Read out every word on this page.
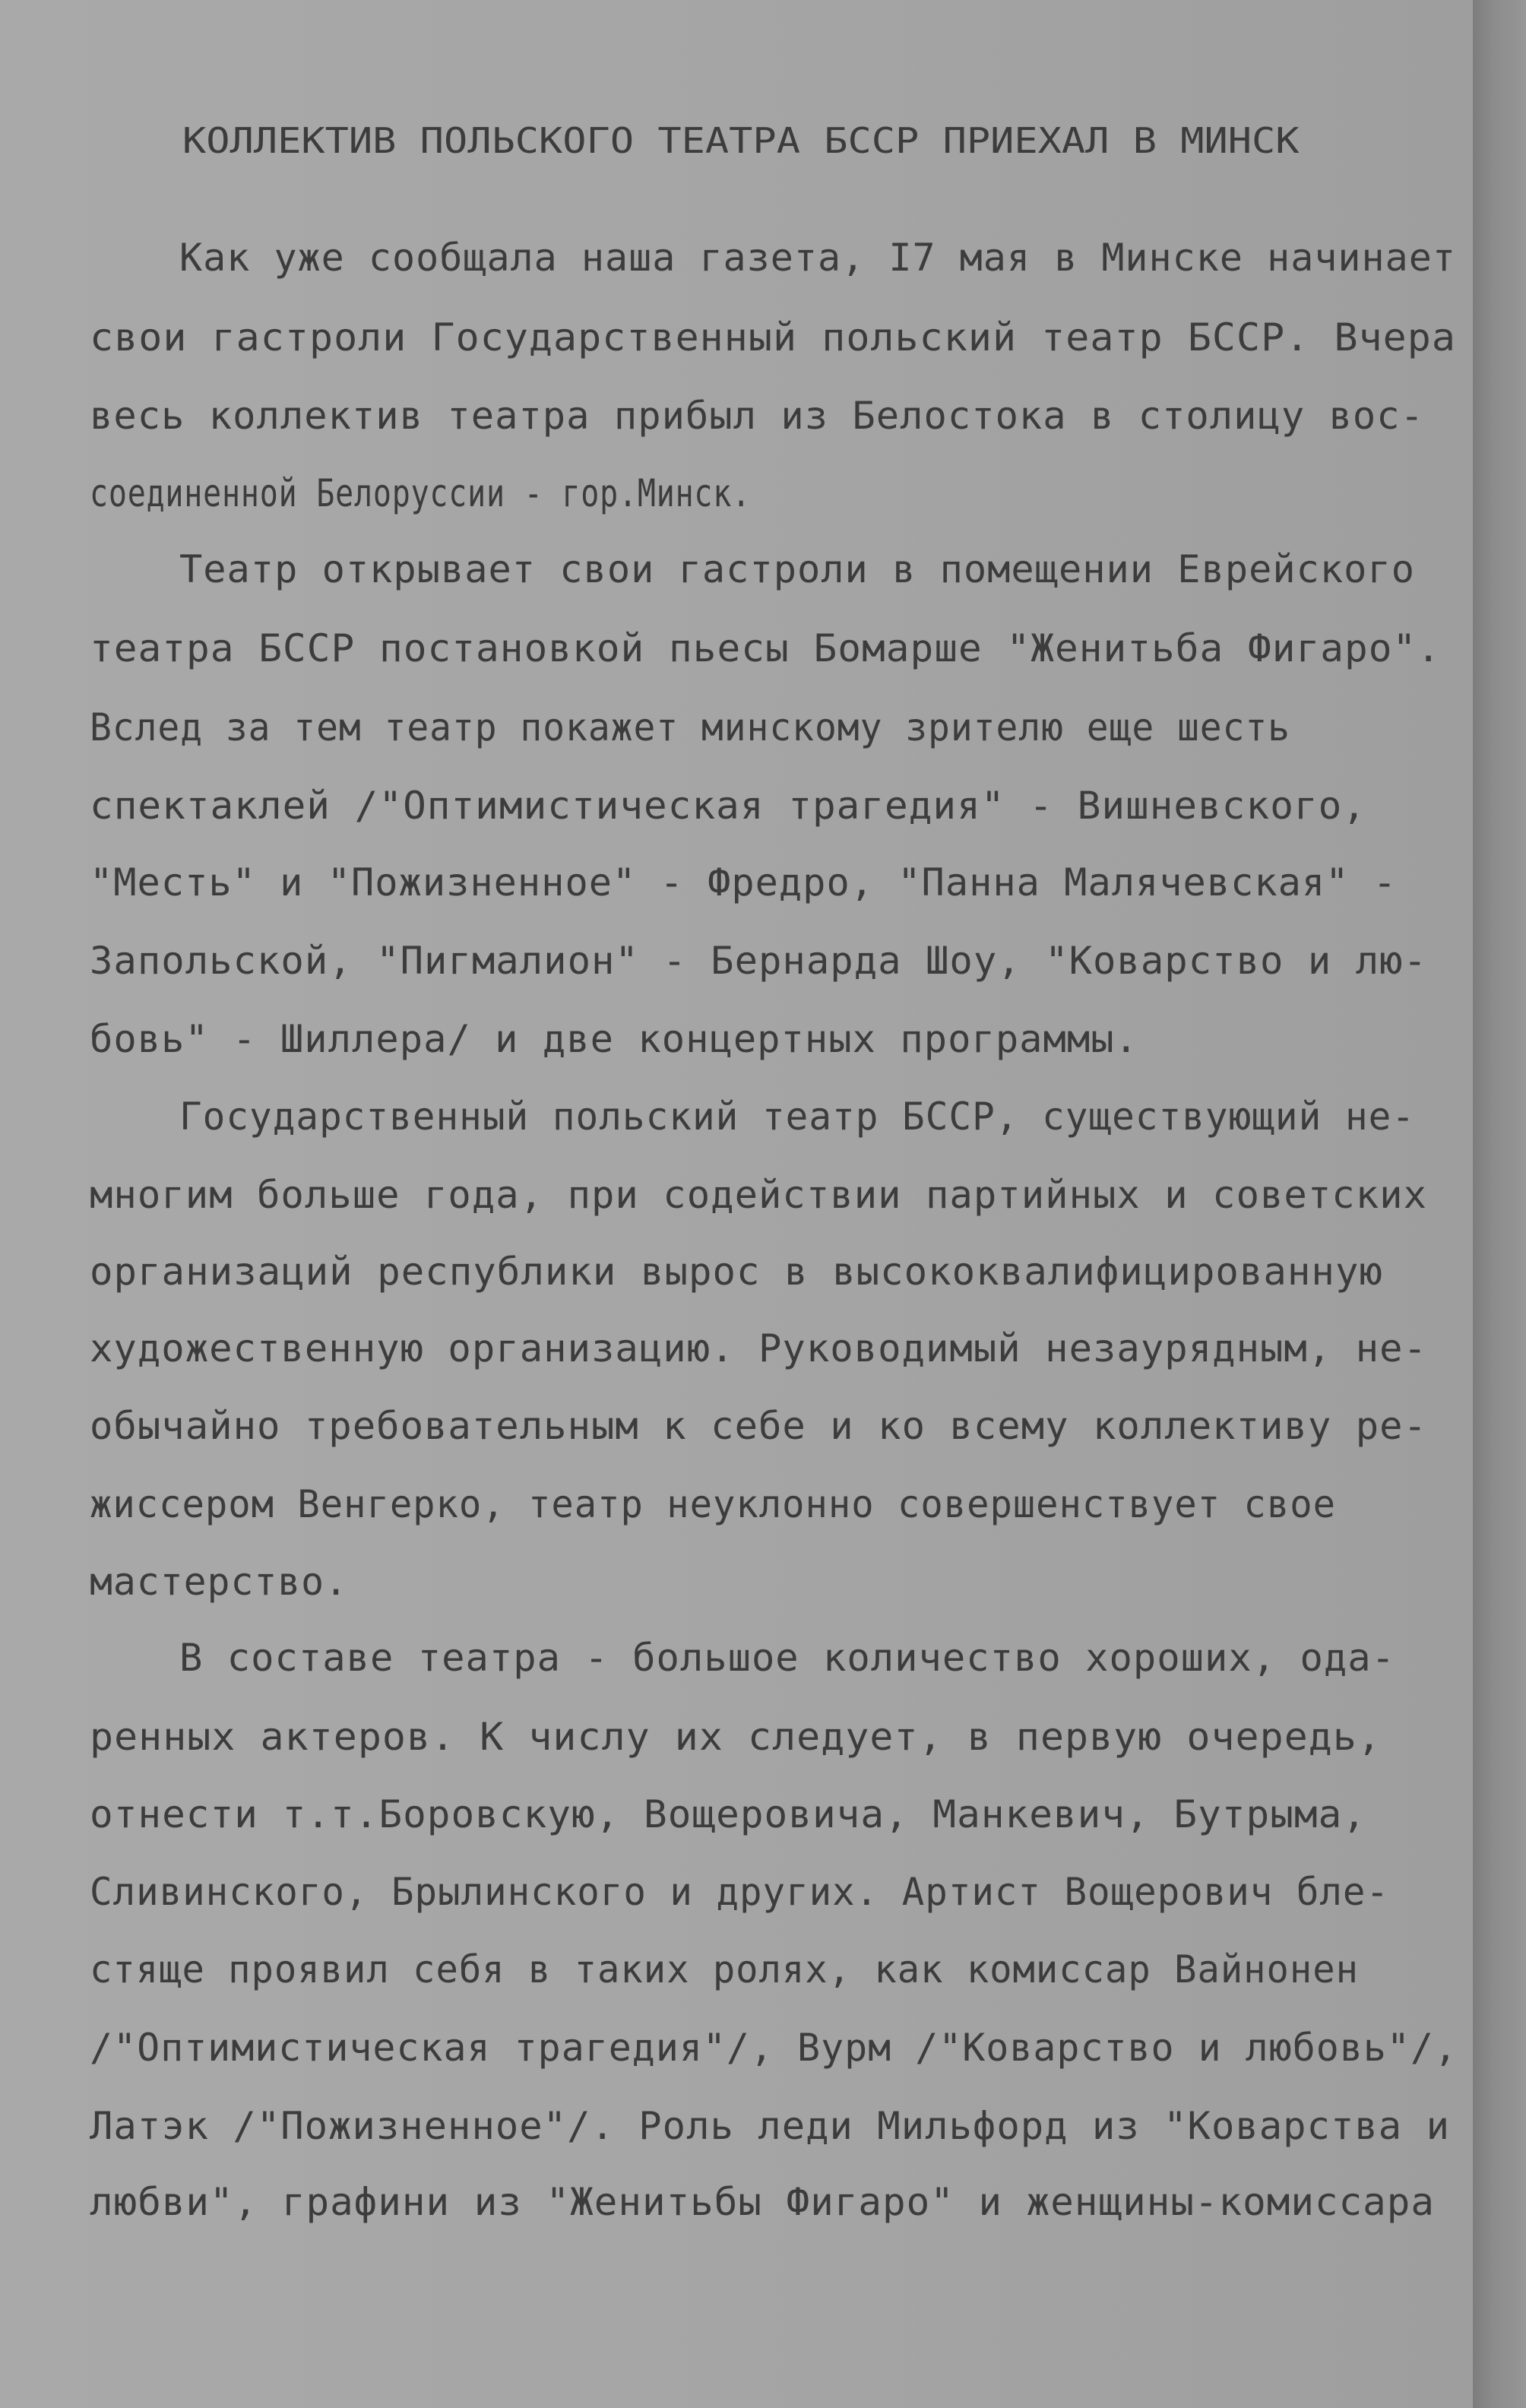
КОЛЛЕКТИВ ПОЛЬСКОГО ТЕАТРА БССР ПРИЕХАЛ В МИНСК
Как уже сообщала наша газета, I7 мая в Минске начинает
свои гастроли Государственный польский театр БССР. Вчера
весь коллектив театра прибыл из Белостока в столицу вос-
соединенной Белоруссии - гор.Минск.
Театр открывает свои гастроли в помещении Еврейского
театра БССР постановкой пьесы Бомарше "Женитьба Фигаро".
Вслед за тем театр покажет минскому зрителю еще шесть
спектаклей /"Оптимистическая трагедия" - Вишневского,
"Месть" и "Пожизненное" - Фредро, "Панна Малячевская" -
Запольской, "Пигмалион" - Бернарда Шоу, "Коварство и лю-
бовь" - Шиллера/ и две концертных программы.
Государственный польский театр БССР, существующий не-
многим больше года, при содействии партийных и советских
организаций республики вырос в высококвалифицированную
художественную организацию. Руководимый незаурядным, не-
обычайно требовательным к себе и ко всему коллективу ре-
жиссером Венгерко, театр неуклонно совершенствует свое
мастерство.
В составе театра - большое количество хороших, ода-
ренных актеров. К числу их следует, в первую очередь,
отнести т.т.Боровскую, Вощеровича, Манкевич, Бутрыма,
Сливинского, Брылинского и других. Артист Вощерович бле-
стяще проявил себя в таких ролях, как комиссар Вайнонен
/"Оптимистическая трагедия"/, Вурм /"Коварство и любовь"/,
Латэк /"Пожизненное"/. Роль леди Мильфорд из "Коварства и
любви", графини из "Женитьбы Фигаро" и женщины-комиссара
